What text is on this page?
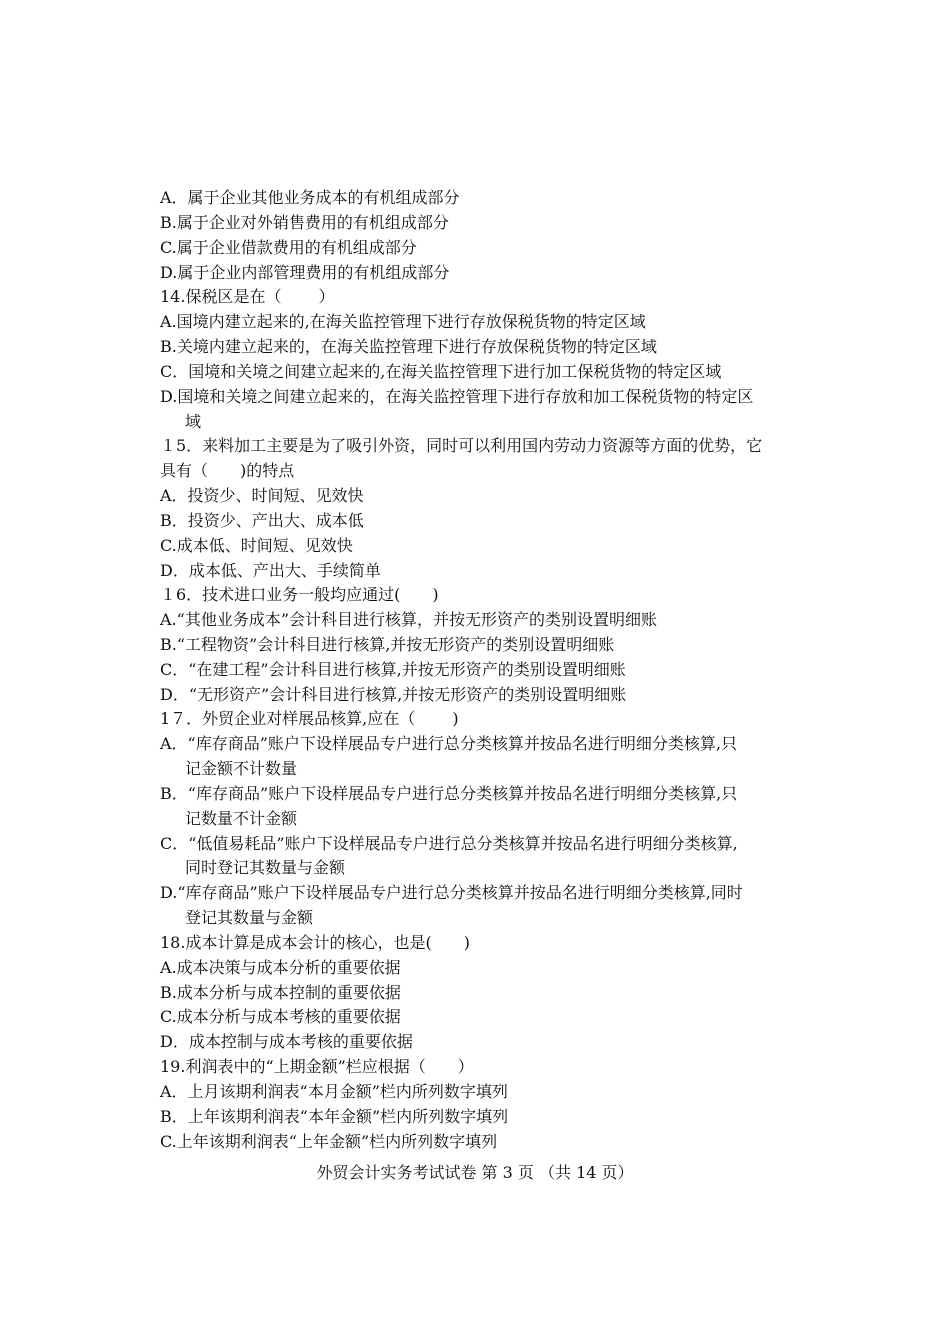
A．属于企业其他业务成本的有机组成部分
B.属于企业对外销售费用的有机组成部分
C.属于企业借款费用的有机组成部分
D.属于企业内部管理费用的有机组成部分
14.保税区是在（　　 ）
A.国境内建立起来的,在海关监控管理下进行存放保税货物的特定区域
B.关境内建立起来的，在海关监控管理下进行存放保税货物的特定区域
C．国境和关境之间建立起来的,在海关监控管理下进行加工保税货物的特定区域
D.国境和关境之间建立起来的，在海关监控管理下进行存放和加工保税货物的特定区
域
１5．来料加工主要是为了吸引外资，同时可以利用国内劳动力资源等方面的优势，它
具有（　　)的特点
A．投资少、时间短、见效快
B．投资少、产出大、成本低
C.成本低、时间短、见效快
D．成本低、产出大、手续简单
１6．技术进口业务一般均应通过(　　)
A.“其他业务成本”会计科目进行核算，并按无形资产的类别设置明细账
B.“工程物资”会计科目进行核算,并按无形资产的类别设置明细账
C．“在建工程”会计科目进行核算,并按无形资产的类别设置明细账
D．“无形资产”会计科目进行核算,并按无形资产的类别设置明细账
1７．外贸企业对样展品核算,应在（　　 )
A．“库存商品”账户下设样展品专户进行总分类核算并按品名进行明细分类核算,只
记金额不计数量
B．“库存商品”账户下设样展品专户进行总分类核算并按品名进行明细分类核算,只
记数量不计金额
C．“低值易耗品”账户下设样展品专户进行总分类核算并按品名进行明细分类核算,
同时登记其数量与金额
D.“库存商品”账户下设样展品专户进行总分类核算并按品名进行明细分类核算,同时
登记其数量与金额
18.成本计算是成本会计的核心，也是(　　)
A.成本决策与成本分析的重要依据
B.成本分析与成本控制的重要依据
C.成本分析与成本考核的重要依据
D．成本控制与成本考核的重要依据
19.利润表中的“上期金额”栏应根据（　　）
A．上月该期利润表“本月金额”栏内所列数字填列
B．上年该期利润表“本年金额”栏内所列数字填列
C.上年该期利润表“上年金额”栏内所列数字填列
外贸会计实务考试试卷 第 3 页 （共 14 页）
